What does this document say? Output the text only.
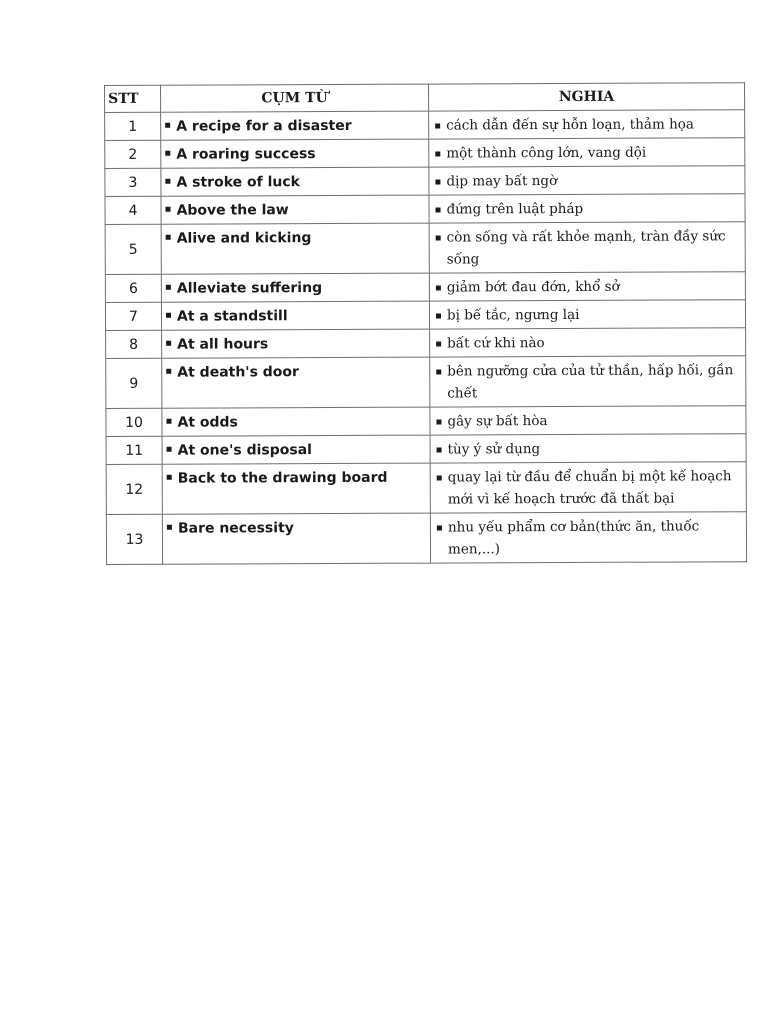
STT	CỤM TỪ	NGHIA
1	A recipe for a disaster	cách dẫn đến sự hỗn loạn, thảm họa

2	A roaring success	một thành công lớn, vang dội

3	A stroke of luck	dịp may bất ngờ

4	Above the law	đứng trên luật pháp

5	Alive and kicking	còn sống và rất khỏe mạnh, tràn đầy sức sống

6	Alleviate suffering	giảm bớt đau đớn, khổ sở

7	At a standstill	bị bế tắc, ngưng lại

8	At all hours	bất cứ khi nào

9	At death's door	bên ngưỡng cửa của tử thần, hấp hối, gần chết

10	At odds	gây sự bất hòa

11	At one's disposal	tùy ý sử dụng

12	Back to the drawing board	quay lại từ đầu để chuẩn bị một kế hoạch mới vì kế hoạch trước đã thất bại

13	Bare necessity	nhu yếu phẩm cơ bản(thức ăn, thuốc men,...)
